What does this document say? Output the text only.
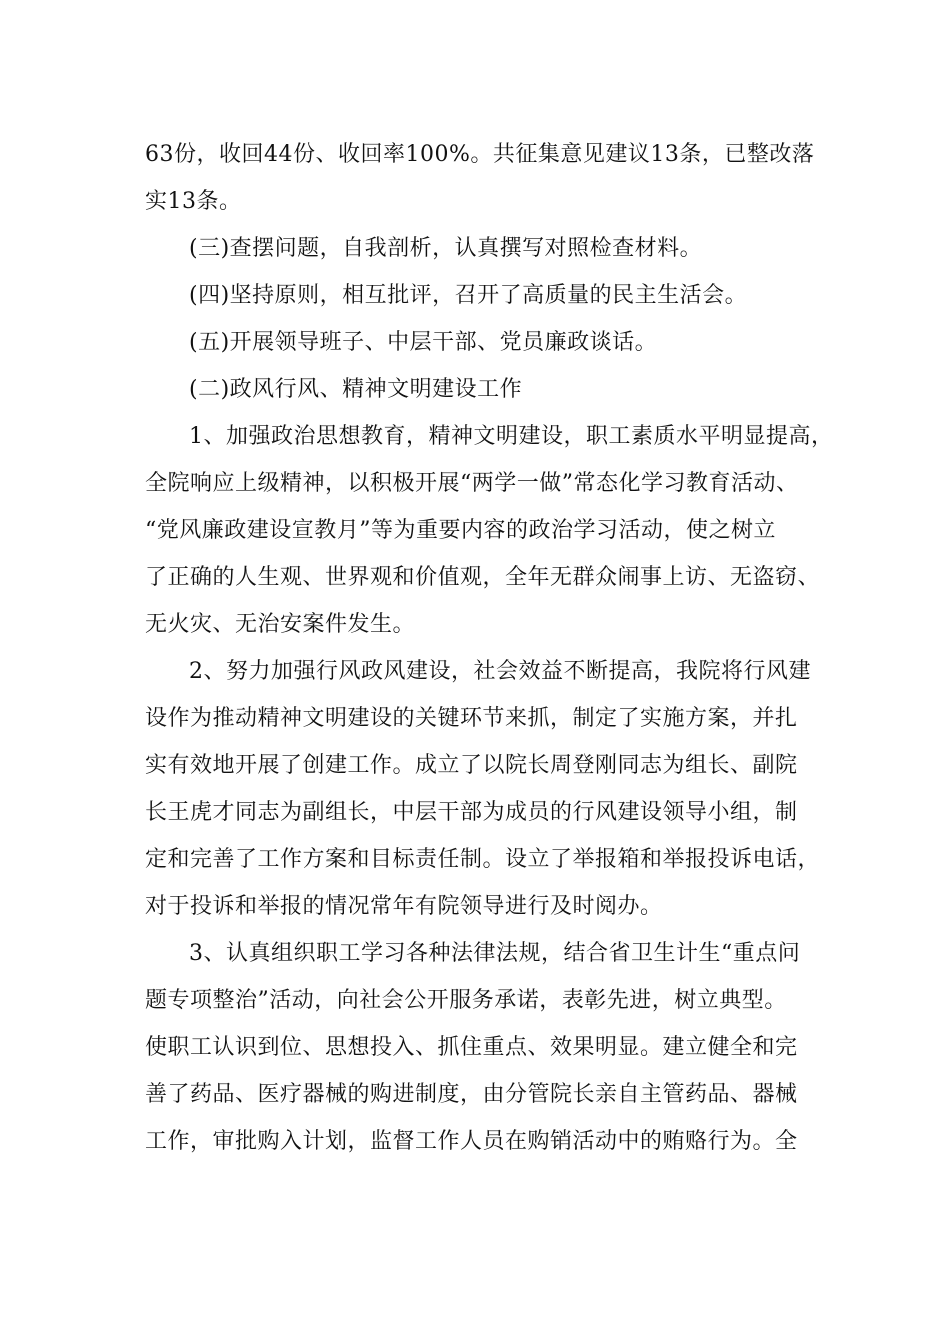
63份，收回44份、收回率100%。共征集意见建议13条，已整改落
实13条。
(三)查摆问题，自我剖析，认真撰写对照检查材料。
(四)坚持原则，相互批评，召开了高质量的民主生活会。
(五)开展领导班子、中层干部、党员廉政谈话。
(二)政风行风、精神文明建设工作
1、加强政治思想教育，精神文明建设，职工素质水平明显提高，
全院响应上级精神，以积极开展“两学一做”常态化学习教育活动、
“党风廉政建设宣教月”等为重要内容的政治学习活动，使之树立
了正确的人生观、世界观和价值观，全年无群众闹事上访、无盗窃、
无火灾、无治安案件发生。
2、努力加强行风政风建设，社会效益不断提高，我院将行风建
设作为推动精神文明建设的关键环节来抓，制定了实施方案，并扎
实有效地开展了创建工作。成立了以院长周登刚同志为组长、副院
长王虎才同志为副组长，中层干部为成员的行风建设领导小组，制
定和完善了工作方案和目标责任制。设立了举报箱和举报投诉电话，
对于投诉和举报的情况常年有院领导进行及时阅办。
3、认真组织职工学习各种法律法规，结合省卫生计生“重点问
题专项整治”活动，向社会公开服务承诺，表彰先进，树立典型。
使职工认识到位、思想投入、抓住重点、效果明显。建立健全和完
善了药品、医疗器械的购进制度，由分管院长亲自主管药品、器械
工作，审批购入计划，监督工作人员在购销活动中的贿赂行为。全
